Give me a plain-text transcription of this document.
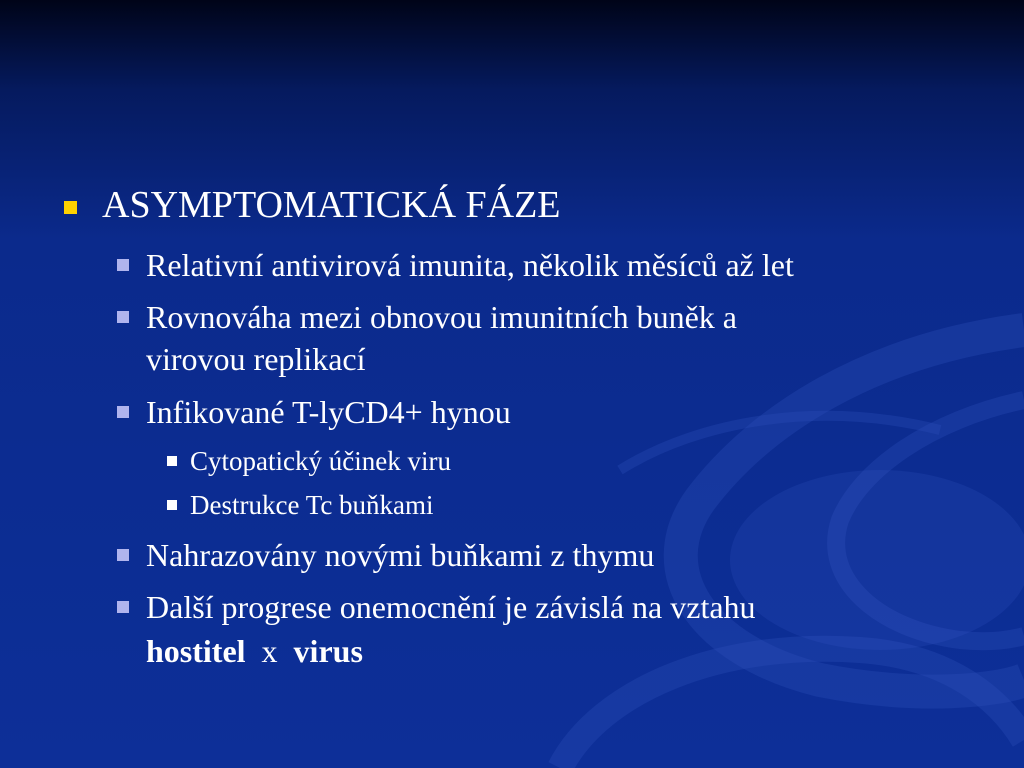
ASYMPTOMATICKÁ FÁZE
Relativní antivirová imunita, několik měsíců až let
Rovnováha mezi obnovou imunitních buněk a
virovou replikací
Infikované T-lyCD4+ hynou
Cytopatický účinek viru
Destrukce Tc buňkami
Nahrazovány novými buňkami z thymu
Další progrese onemocnění je závislá na vztahu
hostitel x virus
